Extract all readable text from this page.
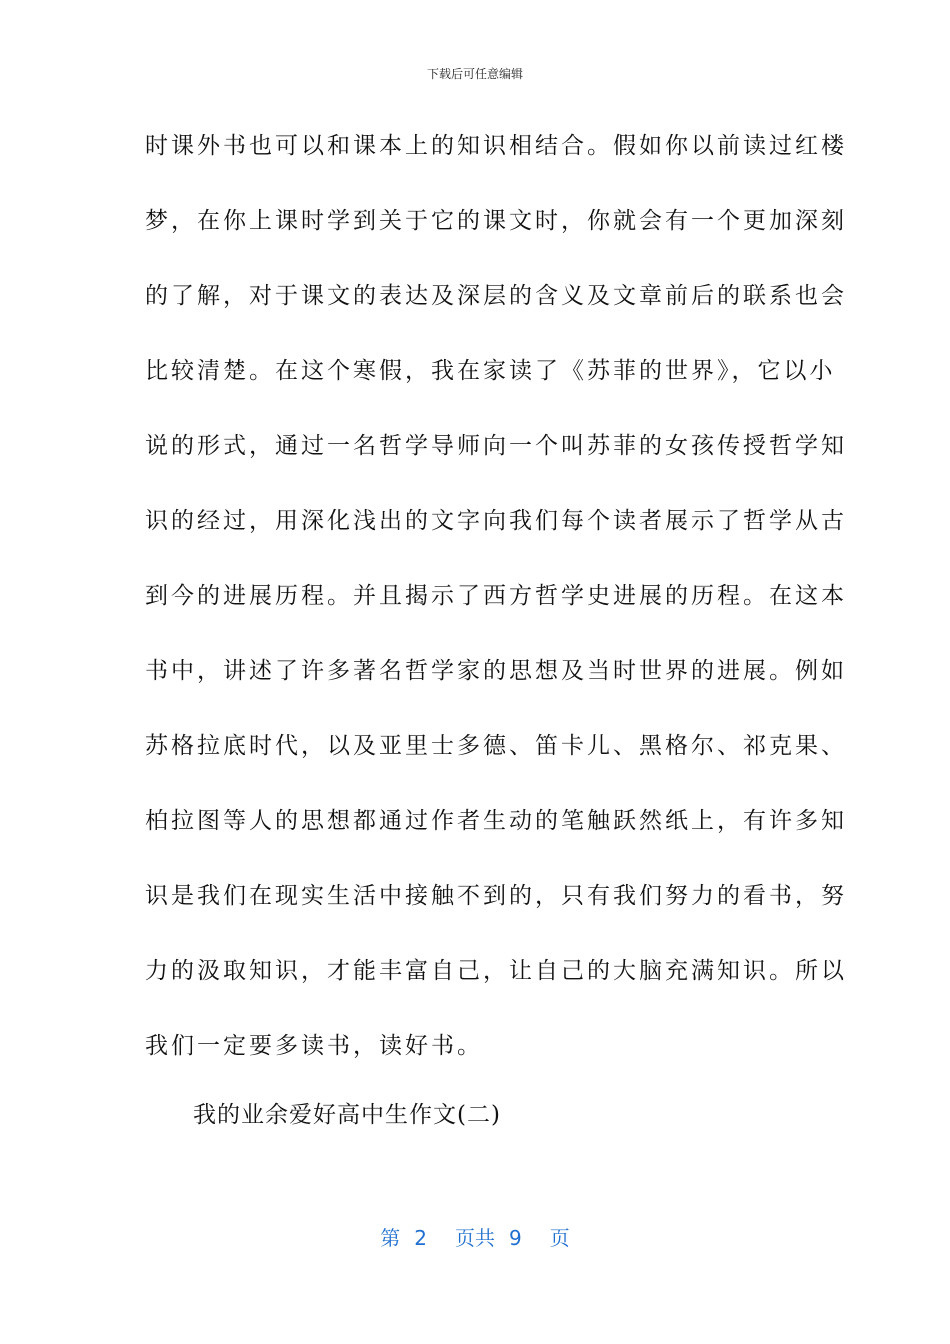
下载后可任意编辑
时课外书也可以和课本上的知识相结合。假如你以前读过红楼
梦，在你上课时学到关于它的课文时，你就会有一个更加深刻
的了解，对于课文的表达及深层的含义及文章前后的联系也会
比较清楚。在这个寒假，我在家读了《苏菲的世界》，它以小
说的形式，通过一名哲学导师向一个叫苏菲的女孩传授哲学知
识的经过，用深化浅出的文字向我们每个读者展示了哲学从古
到今的进展历程。并且揭示了西方哲学史进展的历程。在这本
书中，讲述了许多著名哲学家的思想及当时世界的进展。例如
苏格拉底时代，以及亚里士多德、笛卡儿、黑格尔、祁克果、
柏拉图等人的思想都通过作者生动的笔触跃然纸上，有许多知
识是我们在现实生活中接触不到的，只有我们努力的看书，努
力的汲取知识，才能丰富自己，让自己的大脑充满知识。所以
我们一定要多读书，读好书。
我的业余爱好高中生作文(二)
第 2 页共 9 页
